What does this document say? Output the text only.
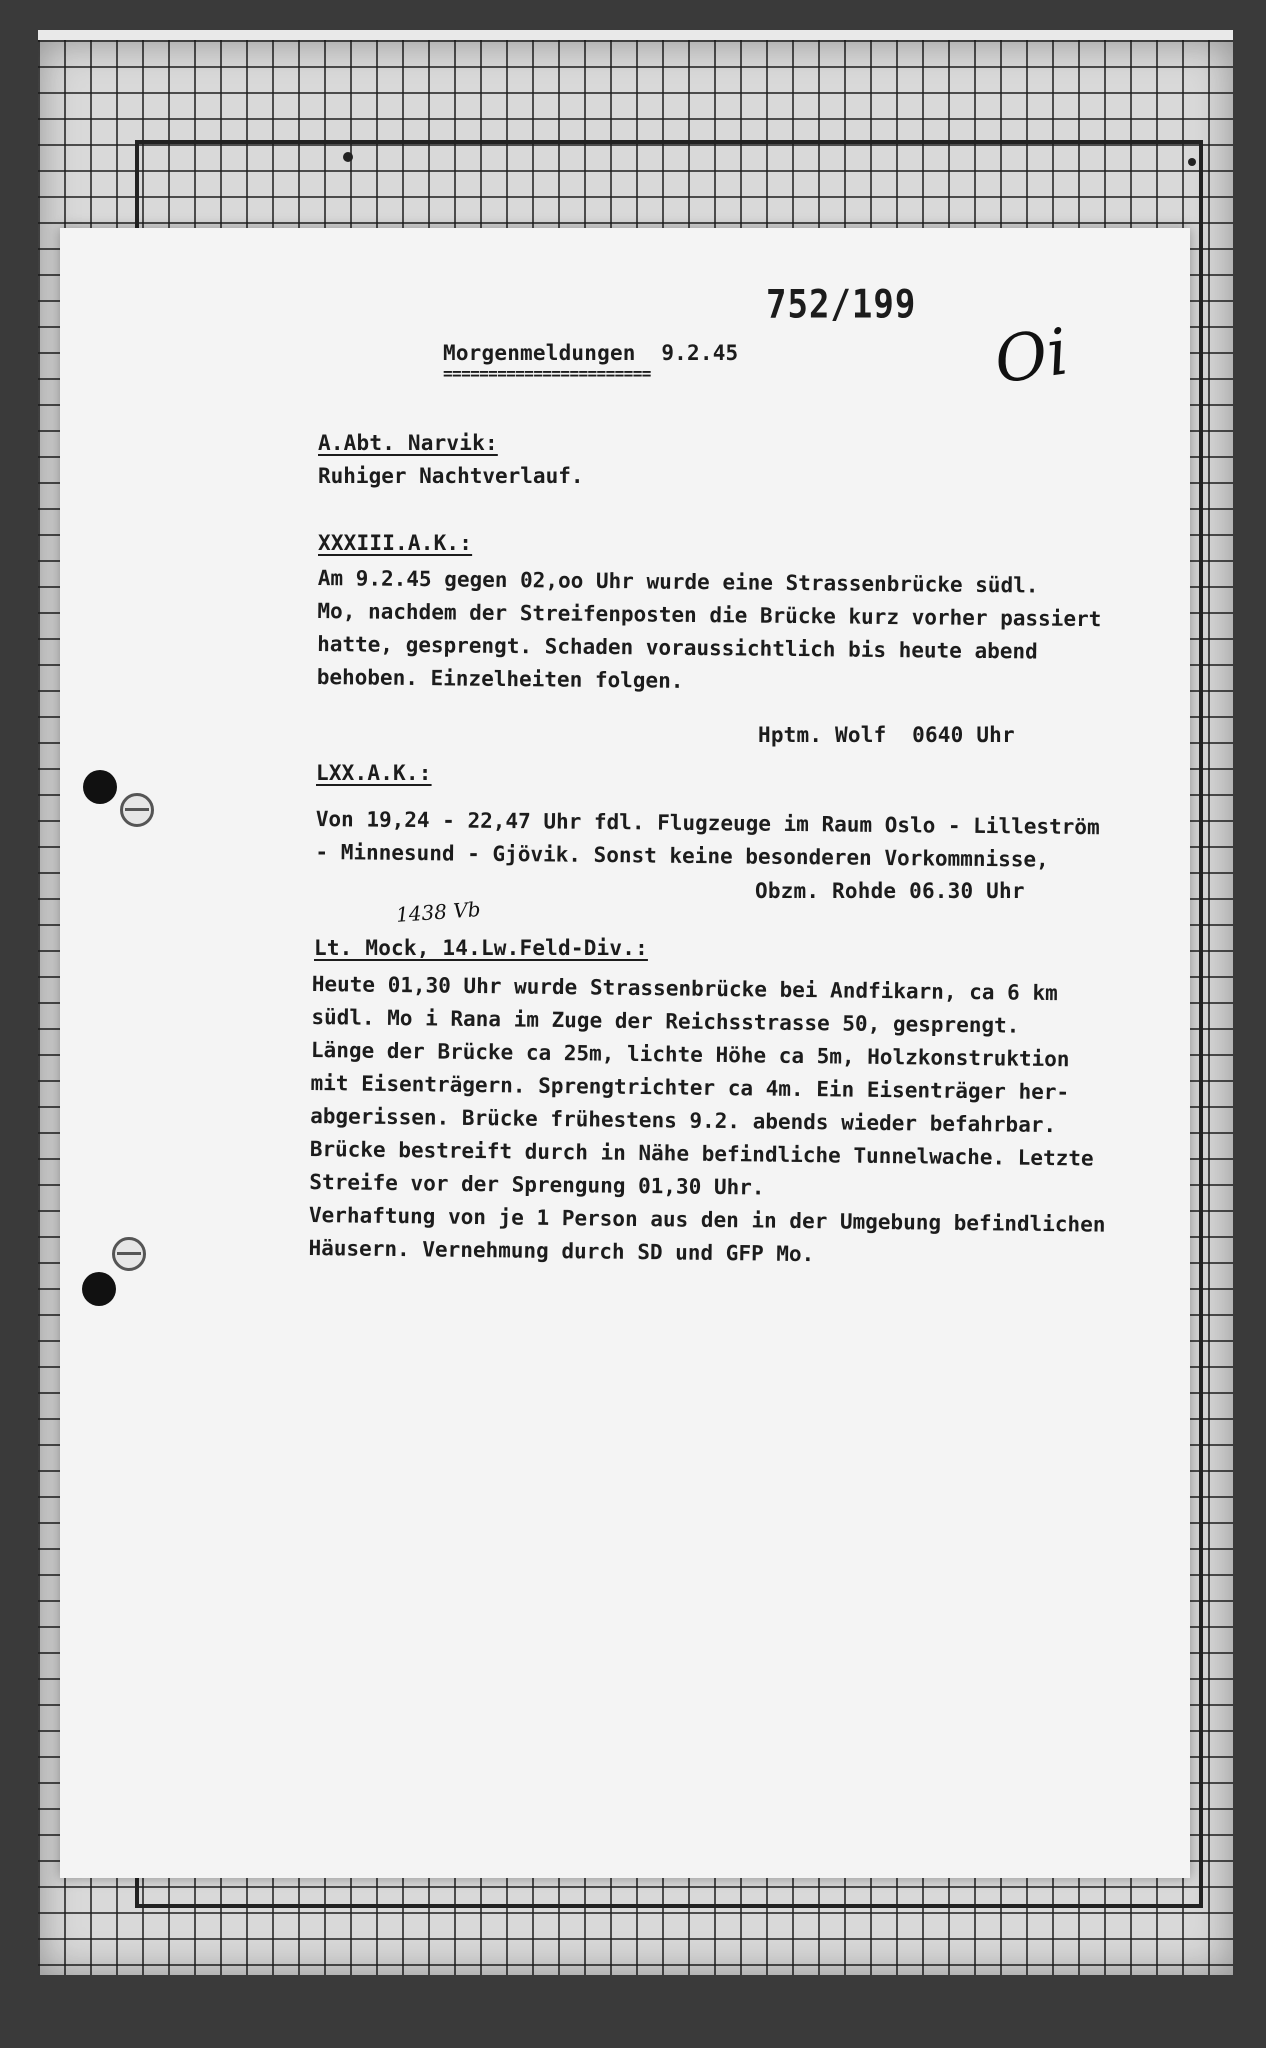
752/199
Oi
Morgenmeldungen  9.2.45
=======================
A.Abt. Narvik:
Ruhiger Nachtverlauf.
XXXIII.A.K.:
Am 9.2.45 gegen 02,oo Uhr wurde eine Strassenbrücke südl.
Mo, nachdem der Streifenposten die Brücke kurz vorher passiert
hatte, gesprengt. Schaden voraussichtlich bis heute abend
behoben. Einzelheiten folgen.
Hptm. Wolf  0640 Uhr
LXX.A.K.:
Von 19,24 - 22,47 Uhr fdl. Flugzeuge im Raum Oslo - Lilleström
- Minnesund - Gjövik. Sonst keine besonderen Vorkommnisse,
Obzm. Rohde 06.30 Uhr
1438 Vb
Lt. Mock, 14.Lw.Feld-Div.:
Heute 01,30 Uhr wurde Strassenbrücke bei Andfikarn, ca 6 km
südl. Mo i Rana im Zuge der Reichsstrasse 50, gesprengt.
Länge der Brücke ca 25m, lichte Höhe ca 5m, Holzkonstruktion
mit Eisenträgern. Sprengtrichter ca 4m. Ein Eisenträger her-
abgerissen. Brücke frühestens 9.2. abends wieder befahrbar.
Brücke bestreift durch in Nähe befindliche Tunnelwache. Letzte
Streife vor der Sprengung 01,30 Uhr.
Verhaftung von je 1 Person aus den in der Umgebung befindlichen
Häusern. Vernehmung durch SD und GFP Mo.
